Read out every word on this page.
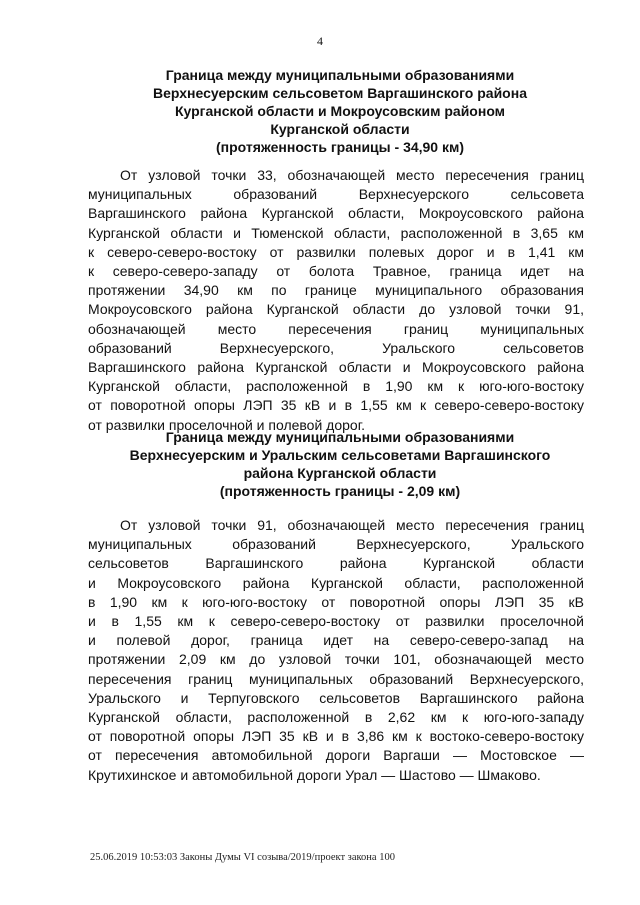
4
Граница между муниципальными образованиями
Верхнесуерским сельсоветом Варгашинского района
Курганской области и Мокроусовским районом
Курганской области
(протяженность границы - 34,90 км)
От узловой точки 33, обозначающей место пересечения границ
муниципальных образований Верхнесуерского сельсовета
Варгашинского района Курганской области, Мокроусовского района
Курганской области и Тюменской области, расположенной в 3,65 км
к северо-северо-востоку от развилки полевых дорог и в 1,41 км
к северо-северо-западу от болота Травное, граница идет на
протяжении 34,90 км по границе муниципального образования
Мокроусовского района Курганской области до узловой точки 91,
обозначающей место пересечения границ муниципальных
образований Верхнесуерского, Уральского сельсоветов
Варгашинского района Курганской области и Мокроусовского района
Курганской области, расположенной в 1,90 км к юго-юго-востоку
от поворотной опоры ЛЭП 35 кВ и в 1,55 км к северо-северо-востоку
от развилки проселочной и полевой дорог.
Граница между муниципальными образованиями
Верхнесуерским и Уральским сельсоветами Варгашинского
района Курганской области
(протяженность границы - 2,09 км)
От узловой точки 91, обозначающей место пересечения границ
муниципальных образований Верхнесуерского, Уральского
сельсоветов Варгашинского района Курганской области
и Мокроусовского района Курганской области, расположенной
в 1,90 км к юго-юго-востоку от поворотной опоры ЛЭП 35 кВ
и в 1,55 км к северо-северо-востоку от развилки проселочной
и полевой дорог, граница идет на северо-северо-запад на
протяжении 2,09 км до узловой точки 101, обозначающей место
пересечения границ муниципальных образований Верхнесуерского,
Уральского и Терпуговского сельсоветов Варгашинского района
Курганской области, расположенной в 2,62 км к юго-юго-западу
от поворотной опоры ЛЭП 35 кВ и в 3,86 км к востоко-северо-востоку
от пересечения автомобильной дороги Варгаши — Мостовское —
Крутихинское и автомобильной дороги Урал — Шастово — Шмаково.
25.06.2019 10:53:03 Законы Думы VI созыва/2019/проект закона 100
